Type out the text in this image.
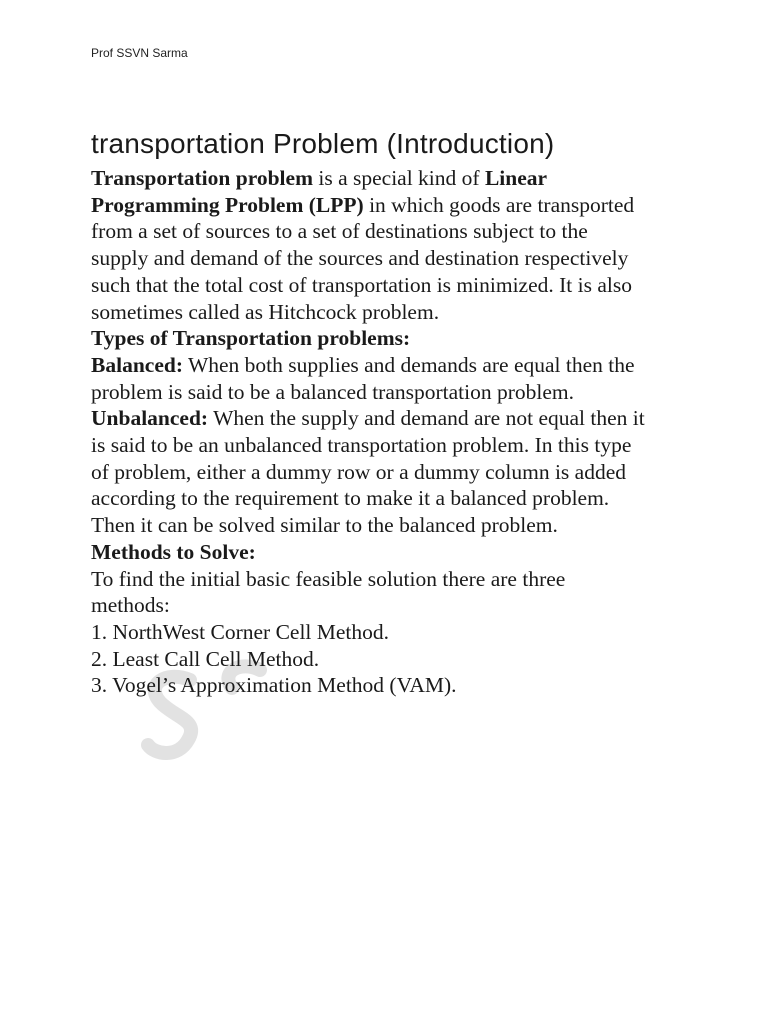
Prof SSVN Sarma
transportation Problem (Introduction)

Transportation problem is a special kind of Linear
Programming Problem (LPP) in which goods are transported
from a set of sources to a set of destinations subject to the
supply and demand of the sources and destination respectively
such that the total cost of transportation is minimized. It is also
sometimes called as Hitchcock problem.

Types of Transportation problems:

Balanced: When both supplies and demands are equal then the
problem is said to be a balanced transportation problem.

Unbalanced: When the supply and demand are not equal then it
is said to be an unbalanced transportation problem. In this type
of problem, either a dummy row or a dummy column is added
according to the requirement to make it a balanced problem.
Then it can be solved similar to the balanced problem.

Methods to Solve:

To find the initial basic feasible solution there are three
methods:

1. NorthWest Corner Cell Method.
2. Least Call Cell Method.
3. Vogel’s Approximation Method (VAM).
